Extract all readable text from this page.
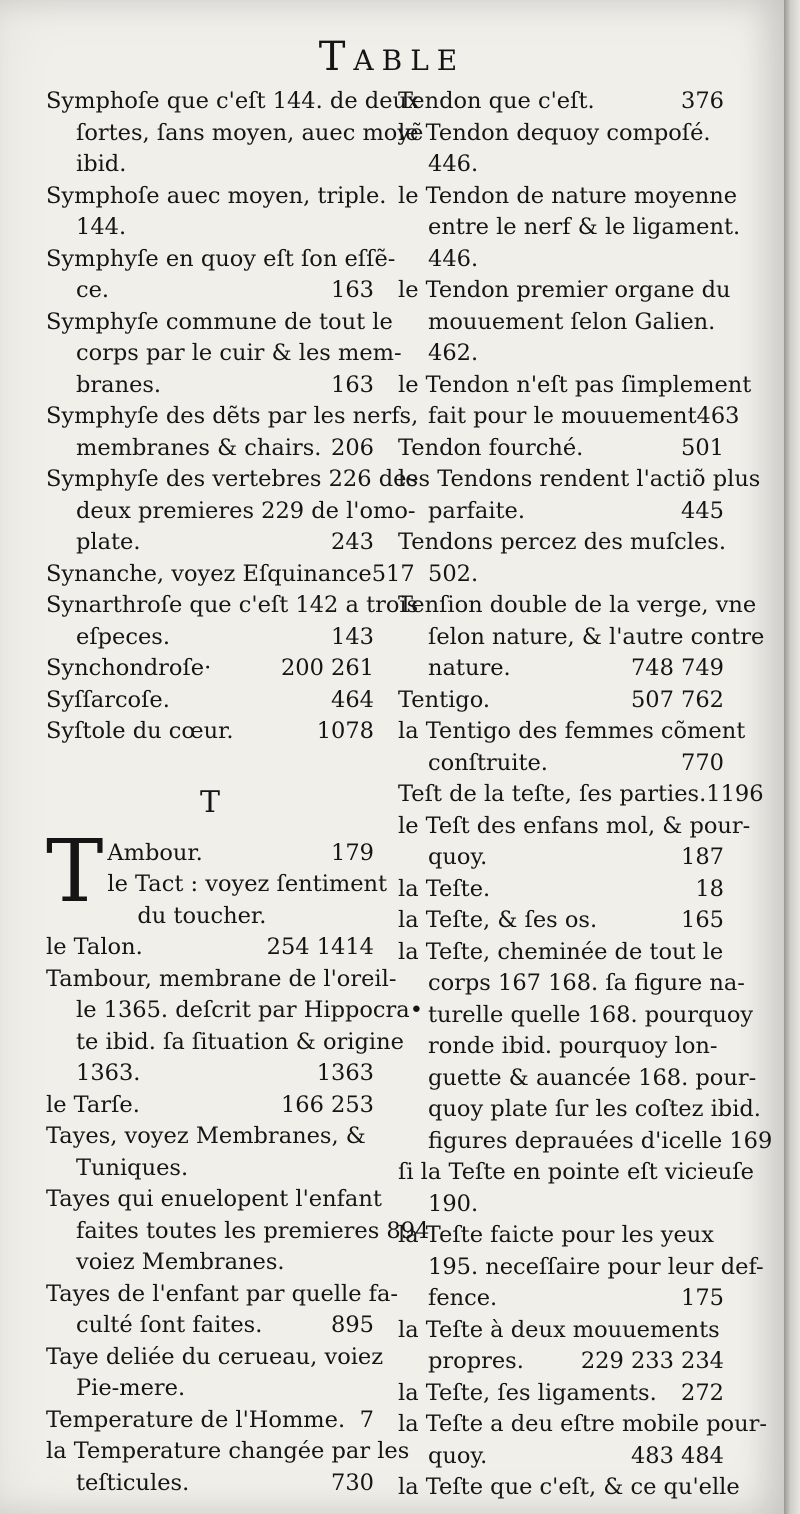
Table
Symphoſe que c'eſt 144. de deux
ſortes, ſans moyen, auec moyẽ
ibid.
Symphoſe auec moyen, triple.
144.
Symphyſe en quoy eſt ſon eſſẽ-
ce.	163
Symphyſe commune de tout le
corps par le cuir & les mem-
branes.	163
Symphyſe des dẽts par les nerfs,
membranes & chairs. 206
Symphyſe des vertebres 226 des
deux premieres 229 de l'omo-
plate.	243
Synanche, voyez Eſquinance 517
Synarthroſe que c'eſt 142 a trois
eſpeces.	143
Synchondroſe·	200 261
Syſſarcoſe.	464
Syſtole du cœur.	1078
T
T Ambour.	179
le Tact : voyez ſentiment
du toucher.
le Talon.	254 1414
Tambour, membrane de l'oreil-
le 1365. deſcrit par Hippocra•
te ibid. ſa ſituation & origine
1363.	1363
le Tarſe.	166 253
Tayes, voyez Membranes, &
Tuniques.
Tayes qui enuelopent l'enfant
faites toutes les premieres 894
voiez Membranes.
Tayes de l'enfant par quelle fa-
culté ſont faites.	895
Taye deliée du cerueau, voiez
Pie-mere.
Temperature de l'Homme. 7
la Temperature changée par les
teſticules.	730
Tendon que c'eſt.	376
le Tendon dequoy compoſé.
446.
le Tendon de nature moyenne
entre le nerf & le ligament.
446.
le Tendon premier organe du
mouuement ſelon Galien.
462.
le Tendon n'eſt pas ſimplement
fait pour le mouuement 463
Tendon fourché.	501
les Tendons rendent l'actiõ plus
parfaite.	445
Tendons percez des muſcles.
502.
Tenſion double de la verge, vne
ſelon nature, & l'autre contre
nature.	748 749
Tentigo.	507 762
la Tentigo des femmes cõment
conſtruite.	770
Teſt de la teſte, ſes parties. 1196
le Teſt des enfans mol, & pour-
quoy.	187
la Teſte.	18
la Teſte, & ſes os.	165
la Teſte, cheminée de tout le
corps 167 168. ſa figure na-
turelle quelle 168. pourquoy
ronde ibid. pourquoy lon-
guette & auancée 168. pour-
quoy plate ſur les coſtez ibid.
figures deprauées d'icelle 169
ſi la Teſte en pointe eſt vicieuſe
190.
la Teſte faicte pour les yeux
195. neceſſaire pour leur def-
fence.	175
la Teſte à deux mouuements
propres.	229 233 234
la Teſte, ſes ligaments. 272
la Teſte a deu eſtre mobile pour-
quoy.	483 484
la Teſte que c'eſt, & ce qu'elle
